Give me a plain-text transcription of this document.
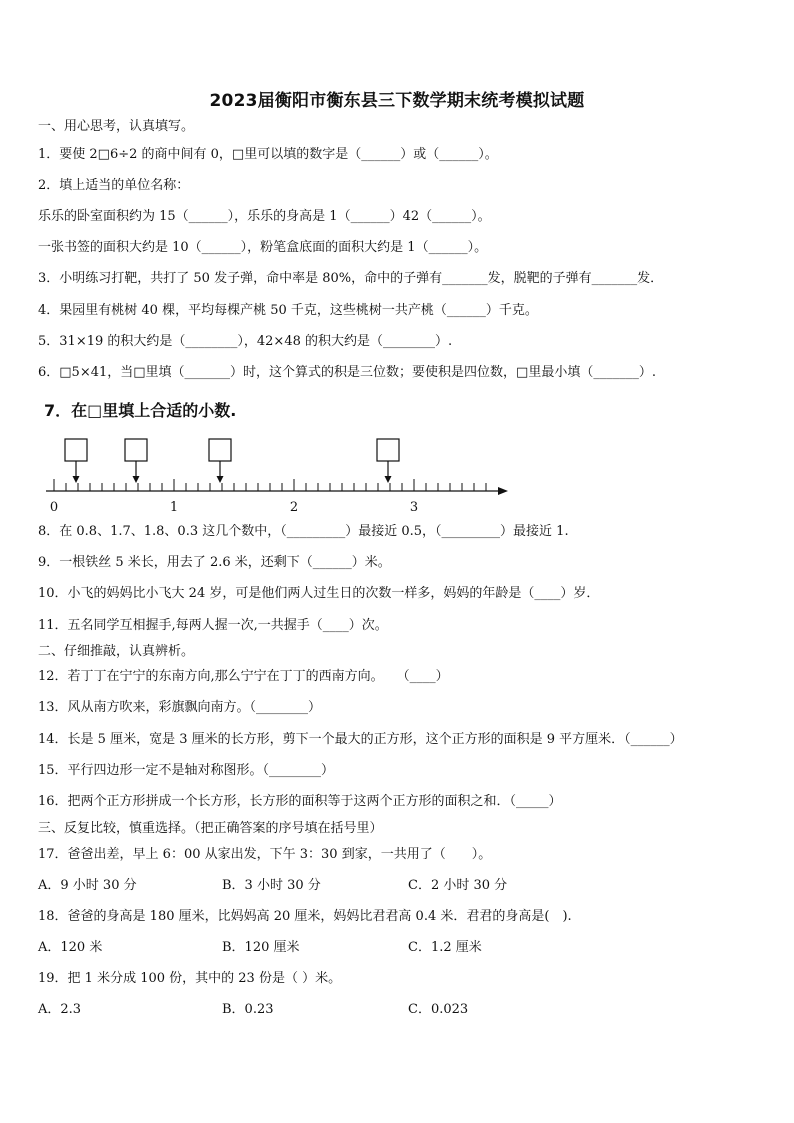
2023届衡阳市衡东县三下数学期末统考模拟试题
一、用心思考，认真填写。
1．要使 2□6÷2 的商中间有 0，□里可以填的数字是（______）或（______）。
2．填上适当的单位名称：
乐乐的卧室面积约为 15（______），乐乐的身高是 1（______）42（______）。
一张书签的面积大约是 10（______），粉笔盒底面的面积大约是 1（______）。
3．小明练习打靶，共打了 50 发子弹，命中率是 80%，命中的子弹有_______发，脱靶的子弹有_______发．
4．果园里有桃树 40 棵，平均每棵产桃 50 千克，这些桃树一共产桃（______）千克。
5．31×19 的积大约是（________），42×48 的积大约是（________）.
6．□5×41，当□里填（_______）时，这个算式的积是三位数；要使积是四位数，□里最小填（_______）.
7．在□里填上合适的小数.
0	1	2	3
8．在 0.8、1.7、1.8、0.3 这几个数中，（_________）最接近 0.5，（_________）最接近 1.
9．一根铁丝 5 米长，用去了 2.6 米，还剩下（______）米。
10．小飞的妈妈比小飞大 24 岁，可是他们两人过生日的次数一样多，妈妈的年龄是（____）岁．
11．五名同学互相握手,每两人握一次,一共握手（____）次。
二、仔细推敲，认真辨析。
12．若丁丁在宁宁的东南方向,那么宁宁在丁丁的西南方向。　　（____）
13．风从南方吹来，彩旗飘向南方。（________）
14．长是 5 厘米，宽是 3 厘米的长方形，剪下一个最大的正方形，这个正方形的面积是 9 平方厘米．（______）
15．平行四边形一定不是轴对称图形。（________）
16．把两个正方形拼成一个长方形，长方形的面积等于这两个正方形的面积之和．（_____）
三、反复比较，慎重选择。（把正确答案的序号填在括号里）
17．爸爸出差，早上 6：00 从家出发，下午 3：30 到家，一共用了（　　）。
A．9 小时 30 分	B．3 小时 30 分	C．2 小时 30 分
18．爸爸的身高是 180 厘米，比妈妈高 20 厘米，妈妈比君君高 0.4 米．君君的身高是(　).
A．120 米	B．120 厘米	C．1.2 厘米
19．把 1 米分成 100 份，其中的 23 份是（ ）米。
A．2.3	B．0.23	C．0.023
